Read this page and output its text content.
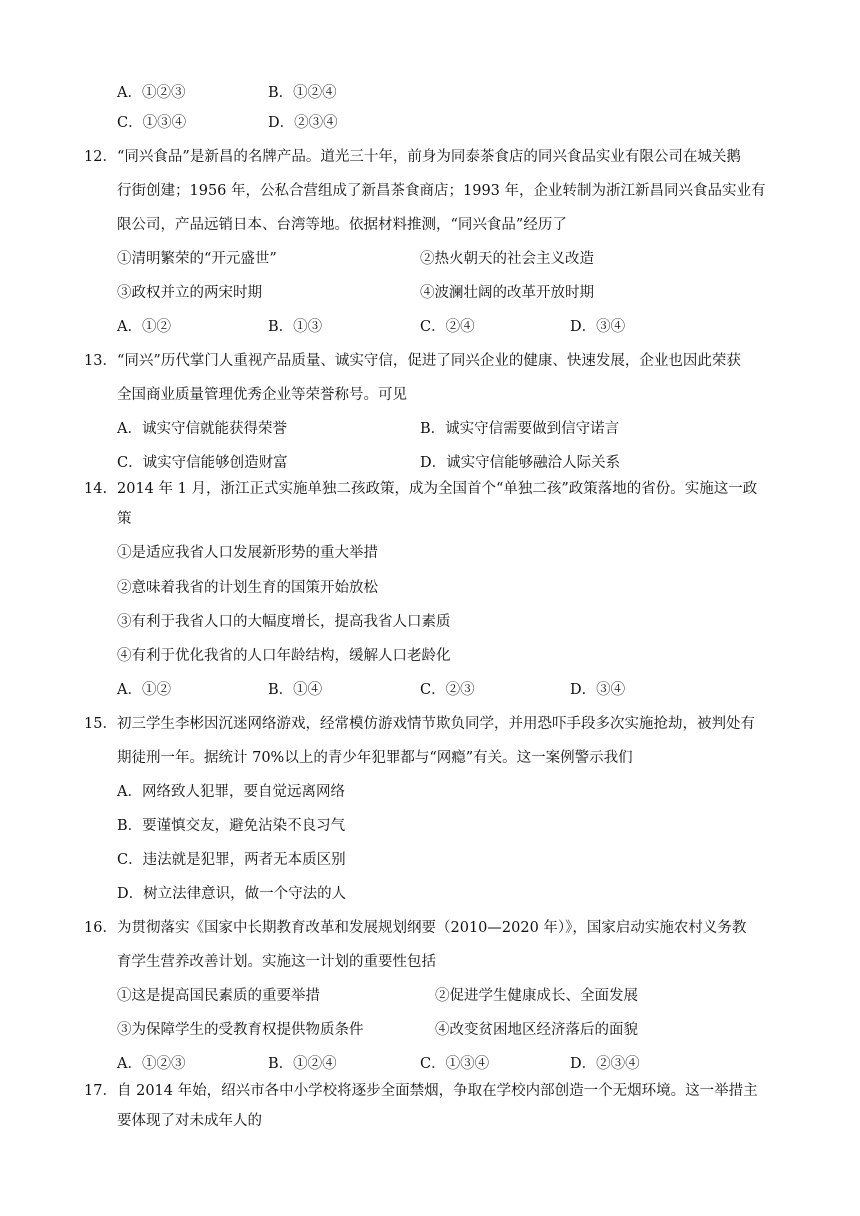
A．①②③	B．①②④
C．①③④	D．②③④
12． “同兴食品”是新昌的名牌产品。道光三十年，前身为同泰茶食店的同兴食品实业有限公司在城关鹅
行街创建；1956 年，公私合营组成了新昌茶食商店；1993 年，企业转制为浙江新昌同兴食品实业有
限公司，产品远销日本、台湾等地。依据材料推测，“同兴食品”经历了
①清明繁荣的“开元盛世”	②热火朝天的社会主义改造
③政权并立的两宋时期	④波澜壮阔的改革开放时期
A．①②	B．①③	C．②④	D．③④
13． “同兴”历代掌门人重视产品质量、诚实守信，促进了同兴企业的健康、快速发展，企业也因此荣获
全国商业质量管理优秀企业等荣誉称号。可见
A．诚实守信就能获得荣誉	B．诚实守信需要做到信守诺言
C．诚实守信能够创造财富	D．诚实守信能够融洽人际关系
14. 2014 年 1 月，浙江正式实施单独二孩政策，成为全国首个“单独二孩”政策落地的省份。实施这一政
策
①是适应我省人口发展新形势的重大举措
②意味着我省的计划生育的国策开始放松
③有利于我省人口的大幅度增长，提高我省人口素质
④有利于优化我省的人口年龄结构，缓解人口老龄化
A．①②	B．①④	C．②③	D．③④
15． 初三学生李彬因沉迷网络游戏，经常模仿游戏情节欺负同学，并用恐吓手段多次实施抢劫，被判处有
期徒刑一年。据统计 70%以上的青少年犯罪都与“网瘾”有关。这一案例警示我们
A．网络致人犯罪，要自觉远离网络
B．要谨慎交友，避免沾染不良习气
C．违法就是犯罪，两者无本质区别
D．树立法律意识，做一个守法的人
16． 为贯彻落实《国家中长期教育改革和发展规划纲要（2010—2020 年）》，国家启动实施农村义务教
育学生营养改善计划。实施这一计划的重要性包括
①这是提高国民素质的重要举措	②促进学生健康成长、全面发展
③为保障学生的受教育权提供物质条件	④改变贫困地区经济落后的面貌
A．①②③	B．①②④	C．①③④	D．②③④
17． 自 2014 年始，绍兴市各中小学校将逐步全面禁烟，争取在学校内部创造一个无烟环境。这一举措主
要体现了对未成年人的
